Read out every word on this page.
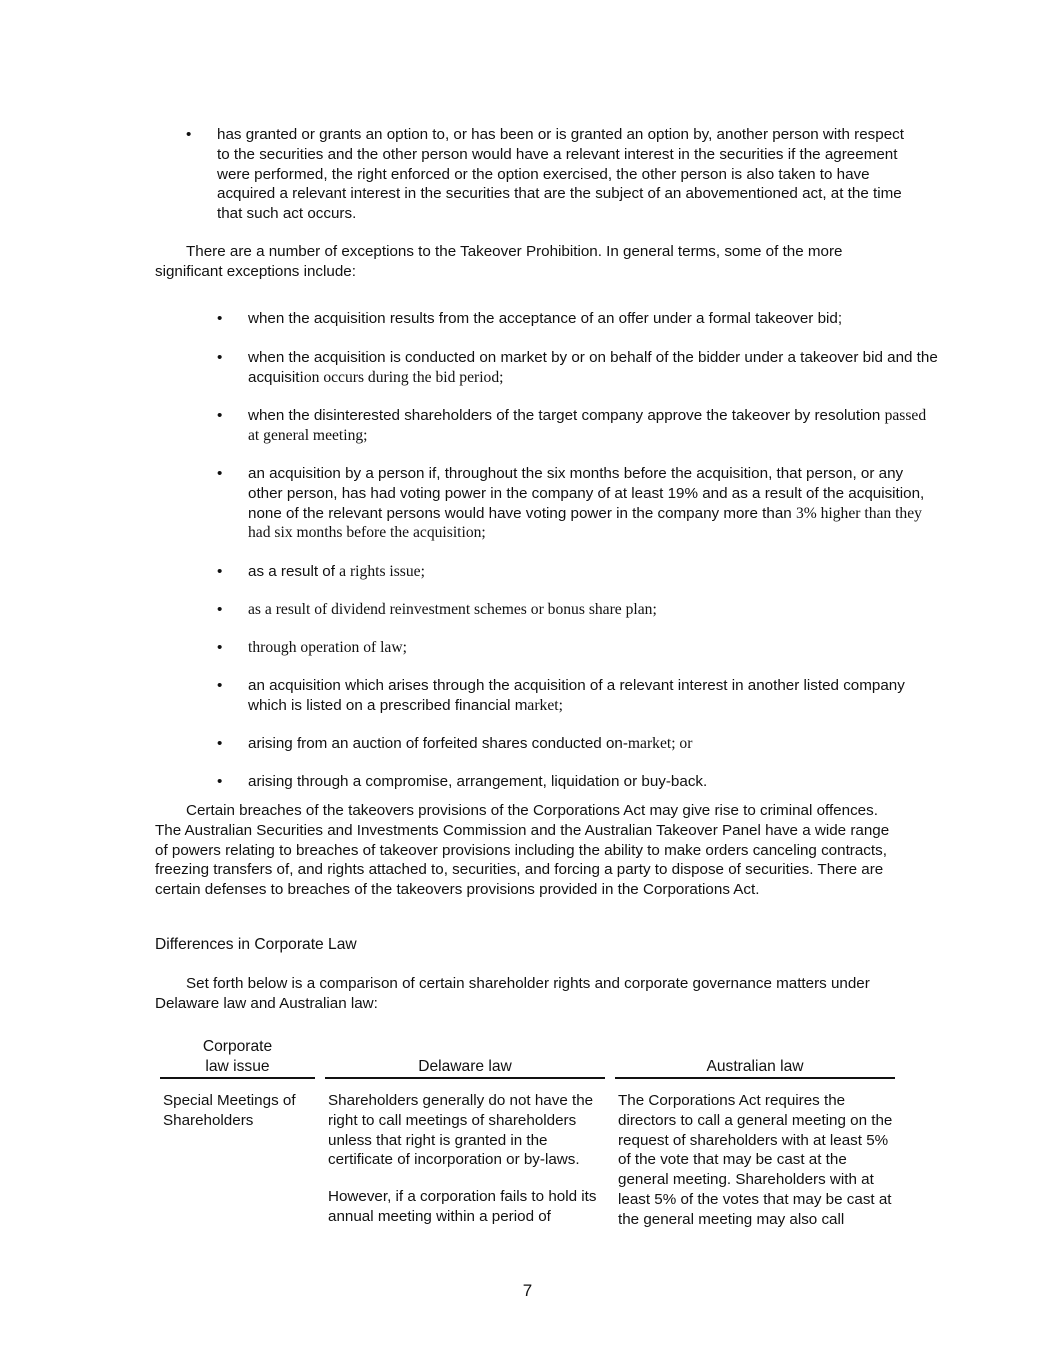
• has granted or grants an option to, or has been or is granted an option by, another person with respect to the securities and the other person would have a relevant interest in the securities if the agreement were performed, the right enforced or the option exercised, the other person is also taken to have acquired a relevant interest in the securities that are the subject of an abovementioned act, at the time that such act occurs.
There are a number of exceptions to the Takeover Prohibition. In general terms, some of the more significant exceptions include:
• when the acquisition results from the acceptance of an offer under a formal takeover bid;
• when the acquisition is conducted on market by or on behalf of the bidder under a takeover bid and the acquisition occurs during the bid period;
• when the disinterested shareholders of the target company approve the takeover by resolution passed at general meeting;
• an acquisition by a person if, throughout the six months before the acquisition, that person, or any other person, has had voting power in the company of at least 19% and as a result of the acquisition, none of the relevant persons would have voting power in the company more than 3% higher than they had six months before the acquisition;
• as a result of a rights issue;
• as a result of dividend reinvestment schemes or bonus share plan;
• through operation of law;
• an acquisition which arises through the acquisition of a relevant interest in another listed company which is listed on a prescribed financial market;
• arising from an auction of forfeited shares conducted on-market; or
• arising through a compromise, arrangement, liquidation or buy-back.
Certain breaches of the takeovers provisions of the Corporations Act may give rise to criminal offences. The Australian Securities and Investments Commission and the Australian Takeover Panel have a wide range of powers relating to breaches of takeover provisions including the ability to make orders canceling contracts, freezing transfers of, and rights attached to, securities, and forcing a party to dispose of securities. There are certain defenses to breaches of the takeovers provisions provided in the Corporations Act.
Differences in Corporate Law
Set forth below is a comparison of certain shareholder rights and corporate governance matters under Delaware law and Australian law:
Corporate
law issue	Delaware law	Australian law
Special Meetings of Shareholders
Shareholders generally do not have the right to call meetings of shareholders unless that right is granted in the certificate of incorporation or by-laws.
However, if a corporation fails to hold its annual meeting within a period of
The Corporations Act requires the directors to call a general meeting on the request of shareholders with at least 5% of the vote that may be cast at the general meeting. Shareholders with at least 5% of the votes that may be cast at the general meeting may also call
7
